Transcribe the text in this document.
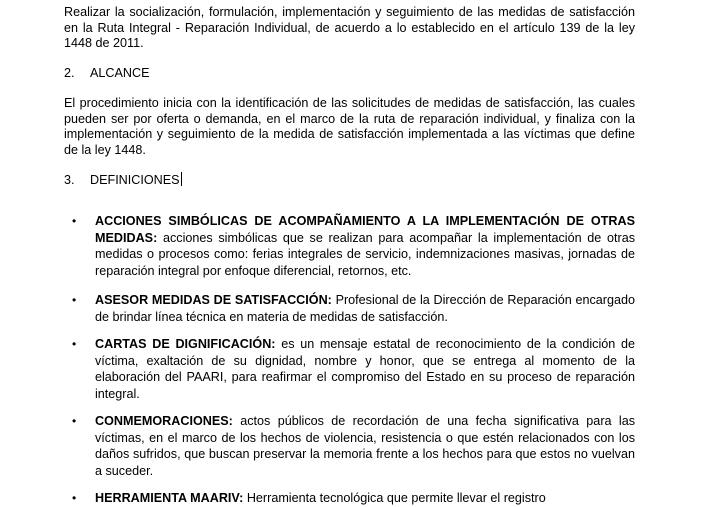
Realizar la socialización, formulación, implementación y seguimiento de las medidas de satisfacción en la Ruta Integral - Reparación Individual, de acuerdo a lo establecido en el artículo 139 de la ley 1448 de 2011.

2. ALCANCE

El procedimiento inicia con la identificación de las solicitudes de medidas de satisfacción, las cuales pueden ser por oferta o demanda, en el marco de la ruta de reparación individual, y finaliza con la implementación y seguimiento de la medida de satisfacción implementada a las víctimas que define de la ley 1448.

3. DEFINICIONES
• ACCIONES SIMBÓLICAS DE ACOMPAÑAMIENTO A LA IMPLEMENTACIÓN DE OTRAS MEDIDAS: acciones simbólicas que se realizan para acompañar la implementación de otras medidas o procesos como: ferias integrales de servicio, indemnizaciones masivas, jornadas de reparación integral por enfoque diferencial, retornos, etc.
• ASESOR MEDIDAS DE SATISFACCIÓN: Profesional de la Dirección de Reparación encargado de brindar línea técnica en materia de medidas de satisfacción.
• CARTAS DE DIGNIFICACIÓN: es un mensaje estatal de reconocimiento de la condición de víctima, exaltación de su dignidad, nombre y honor, que se entrega al momento de la elaboración del PAARI, para reafirmar el compromiso del Estado en su proceso de reparación integral.
• CONMEMORACIONES: actos públicos de recordación de una fecha significativa para las víctimas, en el marco de los hechos de violencia, resistencia o que estén relacionados con los daños sufridos, que buscan preservar la memoria frente a los hechos para que estos no vuelvan a suceder.
• HERRAMIENTA MAARIV: Herramienta tecnológica que permite llevar el registro
